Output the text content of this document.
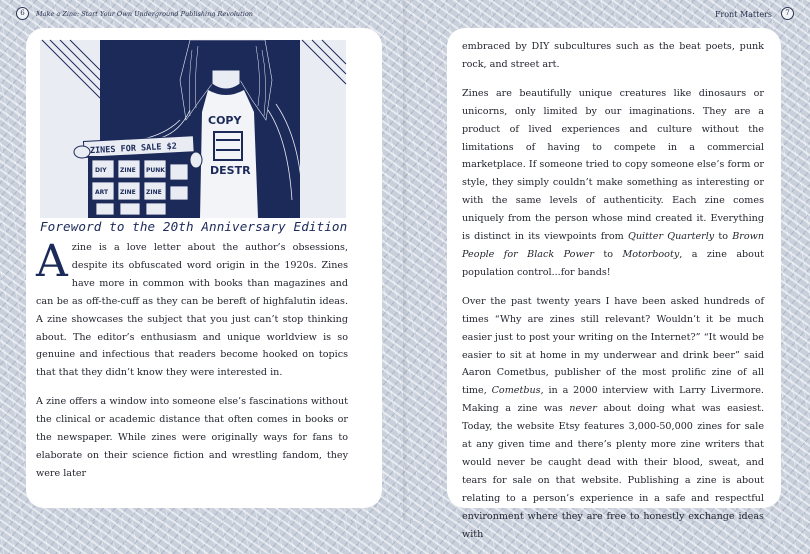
6	Make a Zine: Start Your Own Underground Publishing Revolution
COPY
DESTR
ZINES FOR SALE $2
DIY ZINE PUNK
ART ZINE ZINE
Foreword to the 20th Anniversary Edition

Azine is a love letter about the author’s obsessions, despite its obfuscated word origin in the 1920s. Zines have more in common with books than magazines and can be as off-the-cuff as they can be bereft of highfalutin ideas. A zine showcases the subject that you just can’t stop thinking about. The editor’s enthusiasm and unique worldview is so genuine and infectious that readers become hooked on topics that that they didn’t know they were interested in.

A zine offers a window into someone else’s fascinations without the clinical or academic distance that often comes in books or the newspaper. While zines were originally ways for fans to elaborate on their science fiction and wrestling fandom, they were later

7
Front Matters

embraced by DIY subcultures such as the beat poets, punk rock, and street art.

Zines are beautifully unique creatures like dinosaurs or unicorns, only limited by our imaginations. They are a product of lived experiences and culture without the limitations of having to compete in a commercial marketplace. If someone tried to copy someone else’s form or style, they simply couldn’t make something as interesting or with the same levels of authenticity. Each zine comes uniquely from the person whose mind created it. Everything is distinct in its viewpoints from Quitter Quarterly to Brown People for Black Power to Motorbooty, a zine about population control...for bands!

Over the past twenty years I have been asked hundreds of times “Why are zines still relevant? Wouldn’t it be much easier just to post your writing on the Internet?” “It would be easier to sit at home in my underwear and drink beer” said Aaron Cometbus, publisher of the most prolific zine of all time, Cometbus, in a 2000 interview with Larry Livermore. Making a zine was never about doing what was easiest. Today, the website Etsy features 3,000-50,000 zines for sale at any given time and there’s plenty more zine writers that would never be caught dead with their blood, sweat, and tears for sale on that website. Publishing a zine is about relating to a person’s experience in a safe and respectful environment where they are free to honestly exchange ideas with
